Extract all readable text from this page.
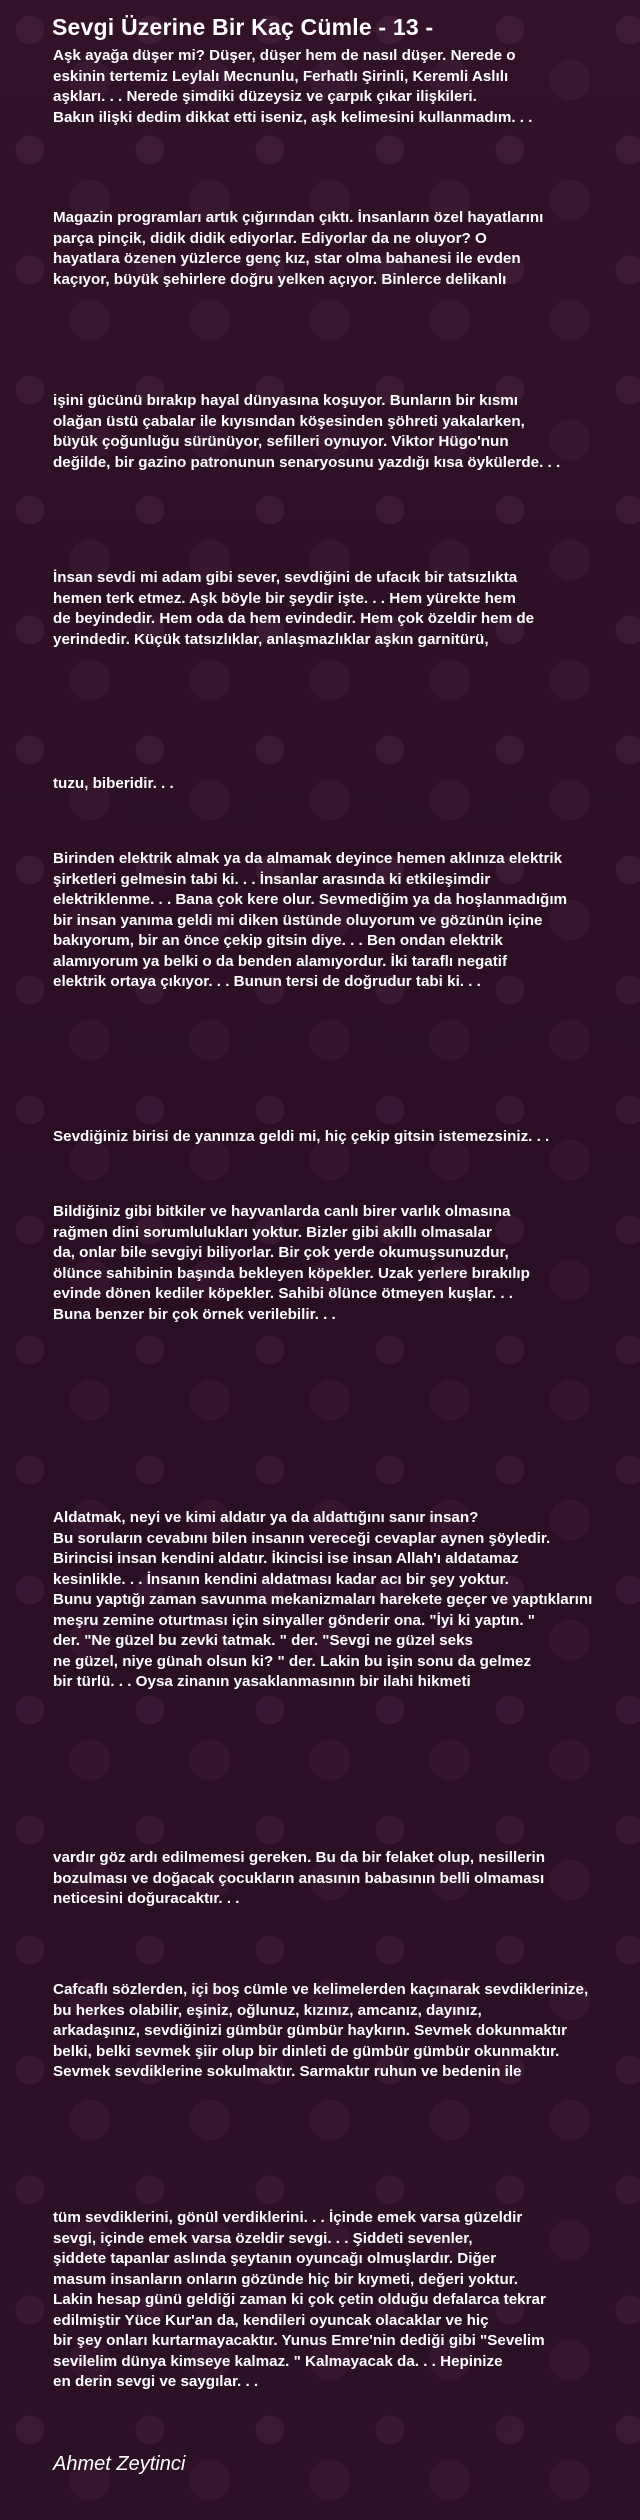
Sevgi Üzerine Bir Kaç Cümle - 13 -
Aşk ayağa düşer mi? Düşer, düşer hem de nasıl düşer. Nerede o
eskinin tertemiz Leylalı Mecnunlu, Ferhatlı Şirinli, Keremli Aslılı
aşkları. . . Nerede şimdiki düzeysiz ve çarpık çıkar ilişkileri.
Bakın ilişki dedim dikkat etti iseniz, aşk kelimesini kullanmadım. . .
Magazin programları artık çığırından çıktı. İnsanların özel hayatlarını
parça pinçik, didik didik ediyorlar. Ediyorlar da ne oluyor? O
hayatlara özenen yüzlerce genç kız, star olma bahanesi ile evden
kaçıyor, büyük şehirlere doğru yelken açıyor. Binlerce delikanlı
işini gücünü bırakıp hayal dünyasına koşuyor. Bunların bir kısmı
olağan üstü çabalar ile kıyısından köşesinden şöhreti yakalarken,
büyük çoğunluğu sürünüyor, sefilleri oynuyor. Viktor Hügo'nun
değilde, bir gazino patronunun senaryosunu yazdığı kısa öykülerde. . .
İnsan sevdi mi adam gibi sever, sevdiğini de ufacık bir tatsızlıkta
hemen terk etmez. Aşk böyle bir şeydir işte. . . Hem yürekte hem
de beyindedir. Hem oda da hem evindedir. Hem çok özeldir hem de
yerindedir. Küçük tatsızlıklar, anlaşmazlıklar aşkın garnitürü,
tuzu, biberidir. . .
Birinden elektrik almak ya da almamak deyince hemen aklınıza elektrik
şirketleri gelmesin tabi ki. . . İnsanlar arasında ki etkileşimdir
elektriklenme. . . Bana çok kere olur. Sevmediğim ya da hoşlanmadığım
bir insan yanıma geldi mi diken üstünde oluyorum ve gözünün içine
bakıyorum, bir an önce çekip gitsin diye. . . Ben ondan elektrik
alamıyorum ya belki o da benden alamıyordur. İki taraflı negatif
elektrik ortaya çıkıyor. . . Bunun tersi de doğrudur tabi ki. . .
Sevdiğiniz birisi de yanınıza geldi mi, hiç çekip gitsin istemezsiniz. . .
Bildiğiniz gibi bitkiler ve hayvanlarda canlı birer varlık olmasına
rağmen dini sorumlulukları yoktur. Bizler gibi akıllı olmasalar
da, onlar bile sevgiyi biliyorlar. Bir çok yerde okumuşsunuzdur,
ölünce sahibinin başında bekleyen köpekler. Uzak yerlere bırakılıp
evinde dönen kediler köpekler. Sahibi ölünce ötmeyen kuşlar. . .
Buna benzer bir çok örnek verilebilir. . .
Aldatmak, neyi ve kimi aldatır ya da aldattığını sanır insan?
Bu soruların cevabını bilen insanın vereceği cevaplar aynen şöyledir.
Birincisi insan kendini aldatır. İkincisi ise insan Allah'ı aldatamaz
kesinlikle. . . İnsanın kendini aldatması kadar acı bir şey yoktur.
Bunu yaptığı zaman savunma mekanizmaları harekete geçer ve yaptıklarını
meşru zemine oturtması için sinyaller gönderir ona. "İyi ki yaptın. "
der. "Ne güzel bu zevki tatmak. " der. "Sevgi ne güzel seks
ne güzel, niye günah olsun ki? " der. Lakin bu işin sonu da gelmez
bir türlü. . . Oysa zinanın yasaklanmasının bir ilahi hikmeti
vardır göz ardı edilmemesi gereken. Bu da bir felaket olup, nesillerin
bozulması ve doğacak çocukların anasının babasının belli olmaması
neticesini doğuracaktır. . .
Cafcaflı sözlerden, içi boş cümle ve kelimelerden kaçınarak sevdiklerinize,
bu herkes olabilir, eşiniz, oğlunuz, kızınız, amcanız, dayınız,
arkadaşınız, sevdiğinizi gümbür gümbür haykırın. Sevmek dokunmaktır
belki, belki sevmek şiir olup bir dinleti de gümbür gümbür okunmaktır.
Sevmek sevdiklerine sokulmaktır. Sarmaktır ruhun ve bedenin ile
tüm sevdiklerini, gönül verdiklerini. . . İçinde emek varsa güzeldir
sevgi, içinde emek varsa özeldir sevgi. . . Şiddeti sevenler,
şiddete tapanlar aslında şeytanın oyuncağı olmuşlardır. Diğer
masum insanların onların gözünde hiç bir kıymeti, değeri yoktur.
Lakin hesap günü geldiği zaman ki çok çetin olduğu defalarca tekrar
edilmiştir Yüce Kur'an da, kendileri oyuncak olacaklar ve hiç
bir şey onları kurtarmayacaktır. Yunus Emre'nin dediği gibi "Sevelim
sevilelim dünya kimseye kalmaz. " Kalmayacak da. . . Hepinize
en derin sevgi ve saygılar. . .

Ahmet Zeytinci
